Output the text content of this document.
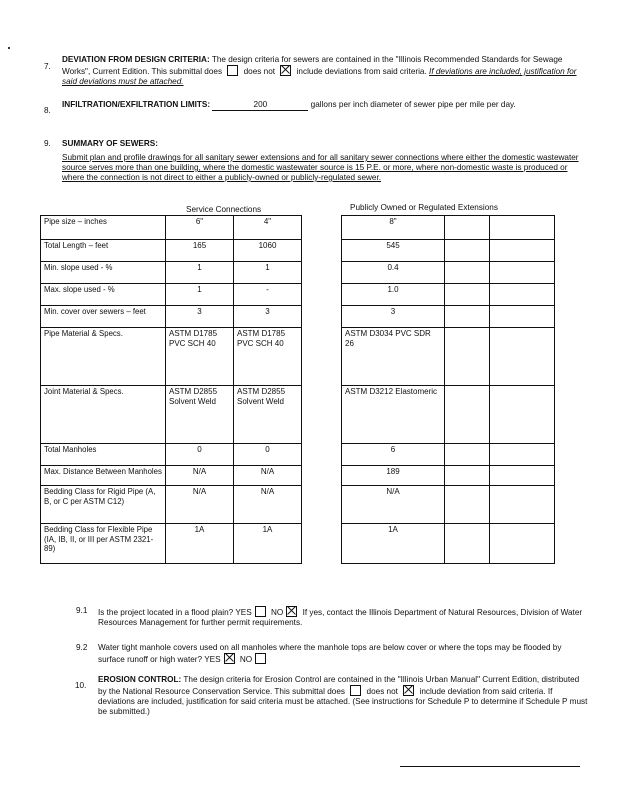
7.
DEVIATION FROM DESIGN CRITERIA: The design criteria for sewers are contained in the "Illinois Recommended Standards for Sewage Works", Current Edition. This submittal does	does not	include deviations from said criteria. If deviations are included, justification for said deviations must be attached.
8.
INFILTRATION/EXFILTRATION LIMITS:	200	gallons per inch diameter of sewer pipe per mile per day.
9. SUMMARY OF SEWERS:
Submit plan and profile drawings for all sanitary sewer extensions and for all sanitary sewer connections where either the domestic wastewater source serves more than one building, where the domestic wastewater source is 15 P.E. or more, where non-domestic waste is produced or where the connection is not direct to either a publicly-owned or publicly-regulated sewer.
Service Connections	Publicly Owned or Regulated Extensions
Pipe size – inches	6"	4"		8"		
Total Length – feet	165	1060		545		
Min. slope used - %	1	1		0.4		
Max. slope used - %	1	-		1.0		
Min. cover over sewers – feet	3	3		3		
Pipe Material & Specs.	ASTM D1785 PVC SCH 40	ASTM D1785 PVC SCH 40		ASTM D3034 PVC SDR 26		
Joint Material & Specs.	ASTM D2855 Solvent Weld	ASTM D2855 Solvent Weld		ASTM D3212 Elastomeric		
Total Manholes	0	0		6		
Max. Distance Between Manholes	N/A	N/A		189		
Bedding Class for Rigid Pipe (A, B, or C per ASTM C12)	N/A	N/A		N/A		
Bedding Class for Flexible Pipe (IA, IB, II, or III per ASTM 2321-89)	1A	1A		1A		
9.1 Is the project located in a flood plain? YES NO If yes, contact the Illinois Department of Natural Resources, Division of Water Resources Management for further permit requirements.
9.2 Water tight manhole covers used on all manholes where the manhole tops are below cover or where the tops may be flooded by surface runoff or high water? YES NO
10.
EROSION CONTROL: The design criteria for Erosion Control are contained in the "Illinois Urban Manual" Current Edition, distributed by the National Resource Conservation Service. This submittal does	does not	include deviation from said criteria. If deviations are included, justification for said criteria must be attached. (See instructions for Schedule P to determine if Schedule P must be submitted.)
